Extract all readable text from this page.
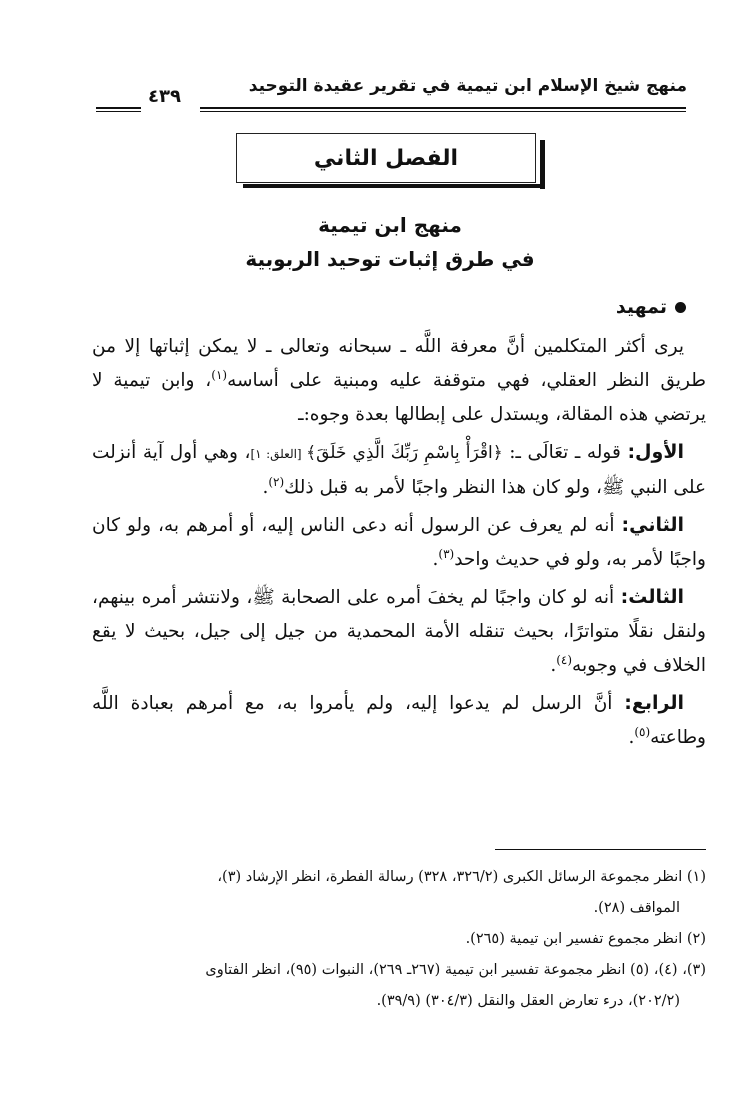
منهج شيخ الإسلام ابن تيمية في تقرير عقيدة التوحيد
٤٣٩
الفصل الثاني
منهج ابن تيمية
في طرق إثبات توحيد الربوبية
تمهيد

يرى أكثر المتكلمين أنَّ معرفة اللَّه ـ سبحانه وتعالى ـ لا يمكن إثباتها إلا من طريق النظر العقلي، فهي متوقفة عليه ومبنية على أساسه$^{(١)}$، وابن تيمية لا يرتضي هذه المقالة، ويستدل على إبطالها بعدة وجوه:ـ

الأول: قوله ـ تعَالَى ـ: ﴿اقْرَأْ بِاسْمِ رَبِّكَ الَّذِي خَلَقَ﴾ [العلق: ١]، وهي أول آية أنزلت على النبي ﷺ، ولو كان هذا النظر واجبًا لأمر به قبل ذلك$^{(٢)}$.

الثاني: أنه لم يعرف عن الرسول أنه دعى الناس إليه، أو أمرهم به، ولو كان واجبًا لأمر به، ولو في حديث واحد$^{(٣)}$.

الثالث: أنه لو كان واجبًا لم يخفَ أمره على الصحابة ﷺ، ولانتشر أمره بينهم، ولنقل نقلًا متواترًا، بحيث تنقله الأمة المحمدية من جيل إلى جيل، بحيث لا يقع الخلاف في وجوبه$^{(٤)}$.

الرابع: أنَّ الرسل لم يدعوا إليه، ولم يأمروا به، مع أمرهم بعبادة اللَّه وطاعته$^{(٥)}$.

(١) انظر مجموعة الرسائل الكبرى (٣٢٦/٢، ٣٢٨) رسالة الفطرة، انظر الإرشاد (٣)،

المواقف (٢٨).

(٢) انظر مجموع تفسير ابن تيمية (٢٦٥).

(٣)، (٤)، (٥) انظر مجموعة تفسير ابن تيمية (٢٦٧ـ ٢٦٩)، النبوات (٩٥)، انظر الفتاوى

(٢٠٢/٢)، درء تعارض العقل والنقل (٣٠٤/٣) (٣٩/٩).
